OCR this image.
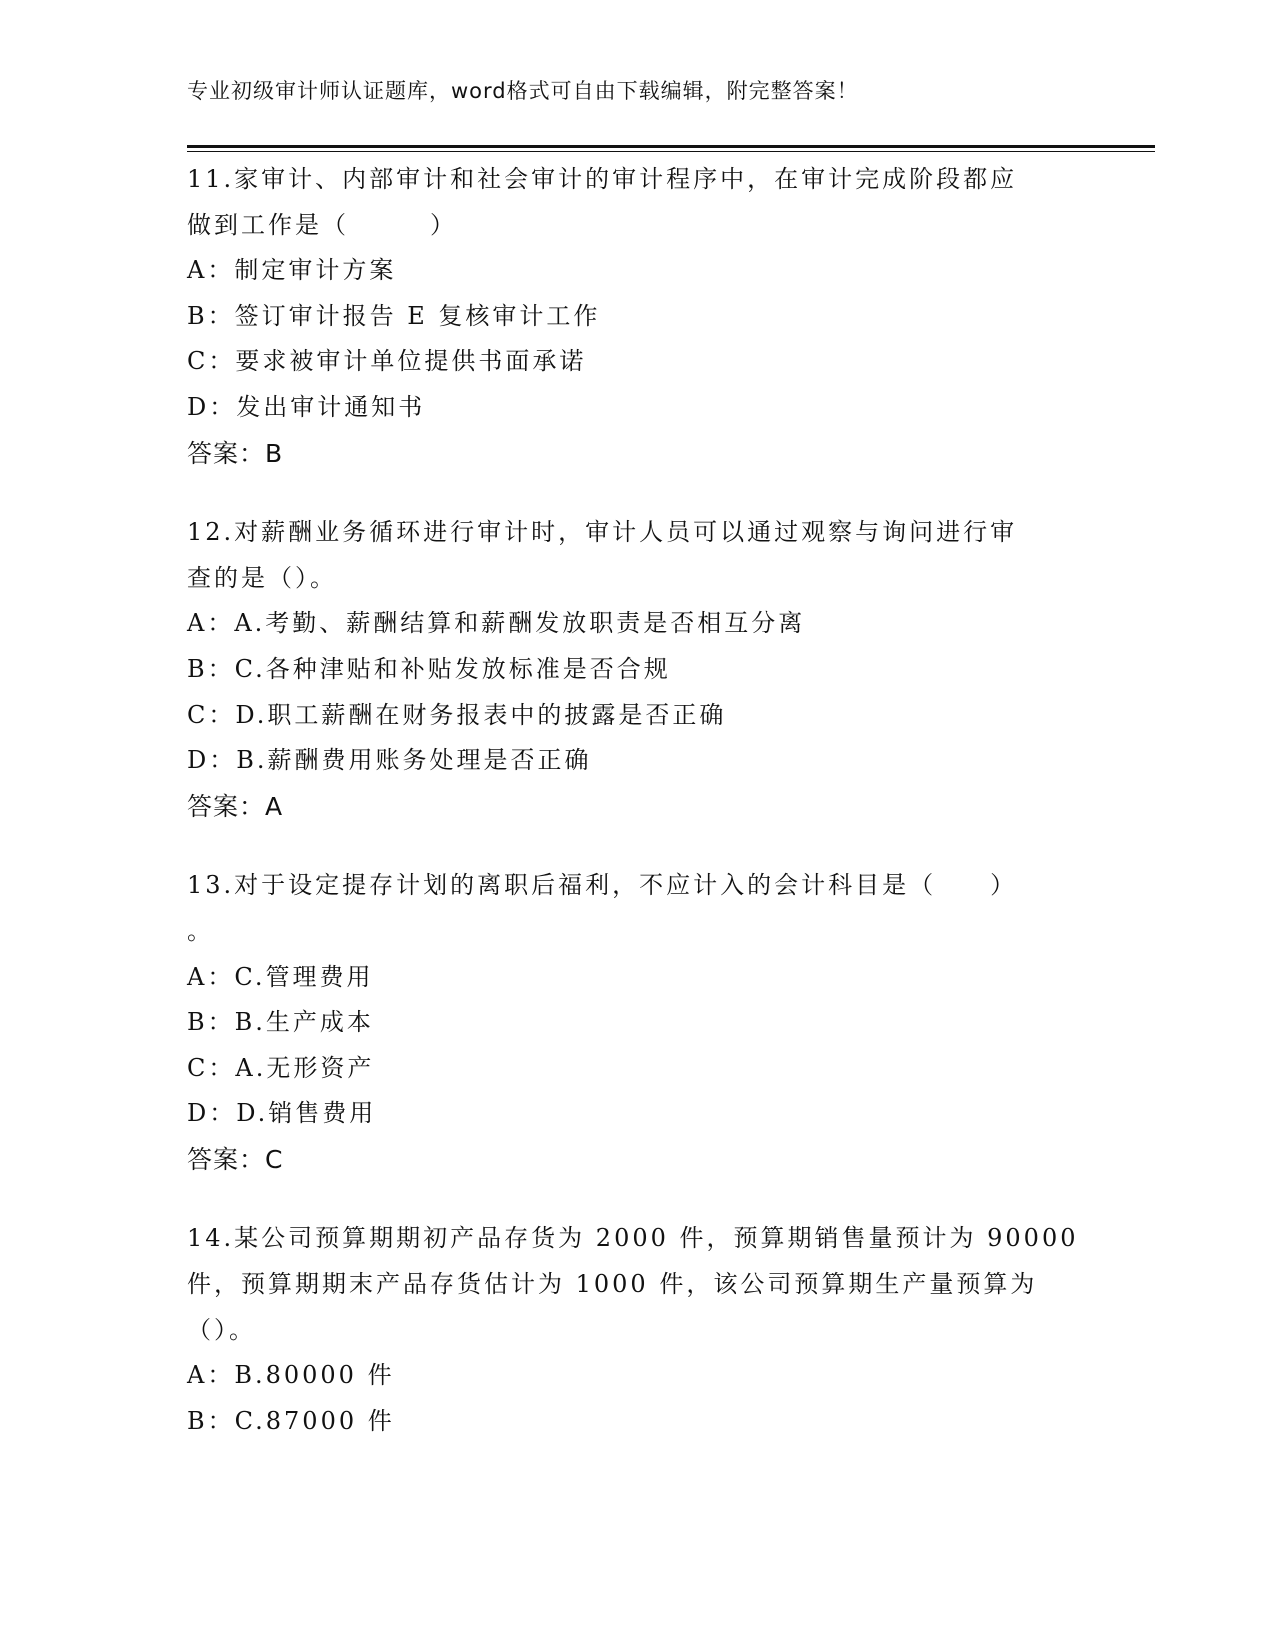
专业初级审计师认证题库，word格式可自由下载编辑，附完整答案！
11.家审计、内部审计和社会审计的审计程序中，在审计完成阶段都应
做到工作是（　　　）
A：制定审计方案
B：签订审计报告 E 复核审计工作
C：要求被审计单位提供书面承诺
D：发出审计通知书
答案：B
12.对薪酬业务循环进行审计时，审计人员可以通过观察与询问进行审
查的是（）。
A：A.考勤、薪酬结算和薪酬发放职责是否相互分离
B：C.各种津贴和补贴发放标准是否合规
C：D.职工薪酬在财务报表中的披露是否正确
D：B.薪酬费用账务处理是否正确
答案：A
13.对于设定提存计划的离职后福利，不应计入的会计科目是（　　）
。
A：C.管理费用
B：B.生产成本
C：A.无形资产
D：D.销售费用
答案：C
14.某公司预算期期初产品存货为 2000 件，预算期销售量预计为 90000
件，预算期期末产品存货估计为 1000 件，该公司预算期生产量预算为
（）。
A：B.80000 件
B：C.87000 件
